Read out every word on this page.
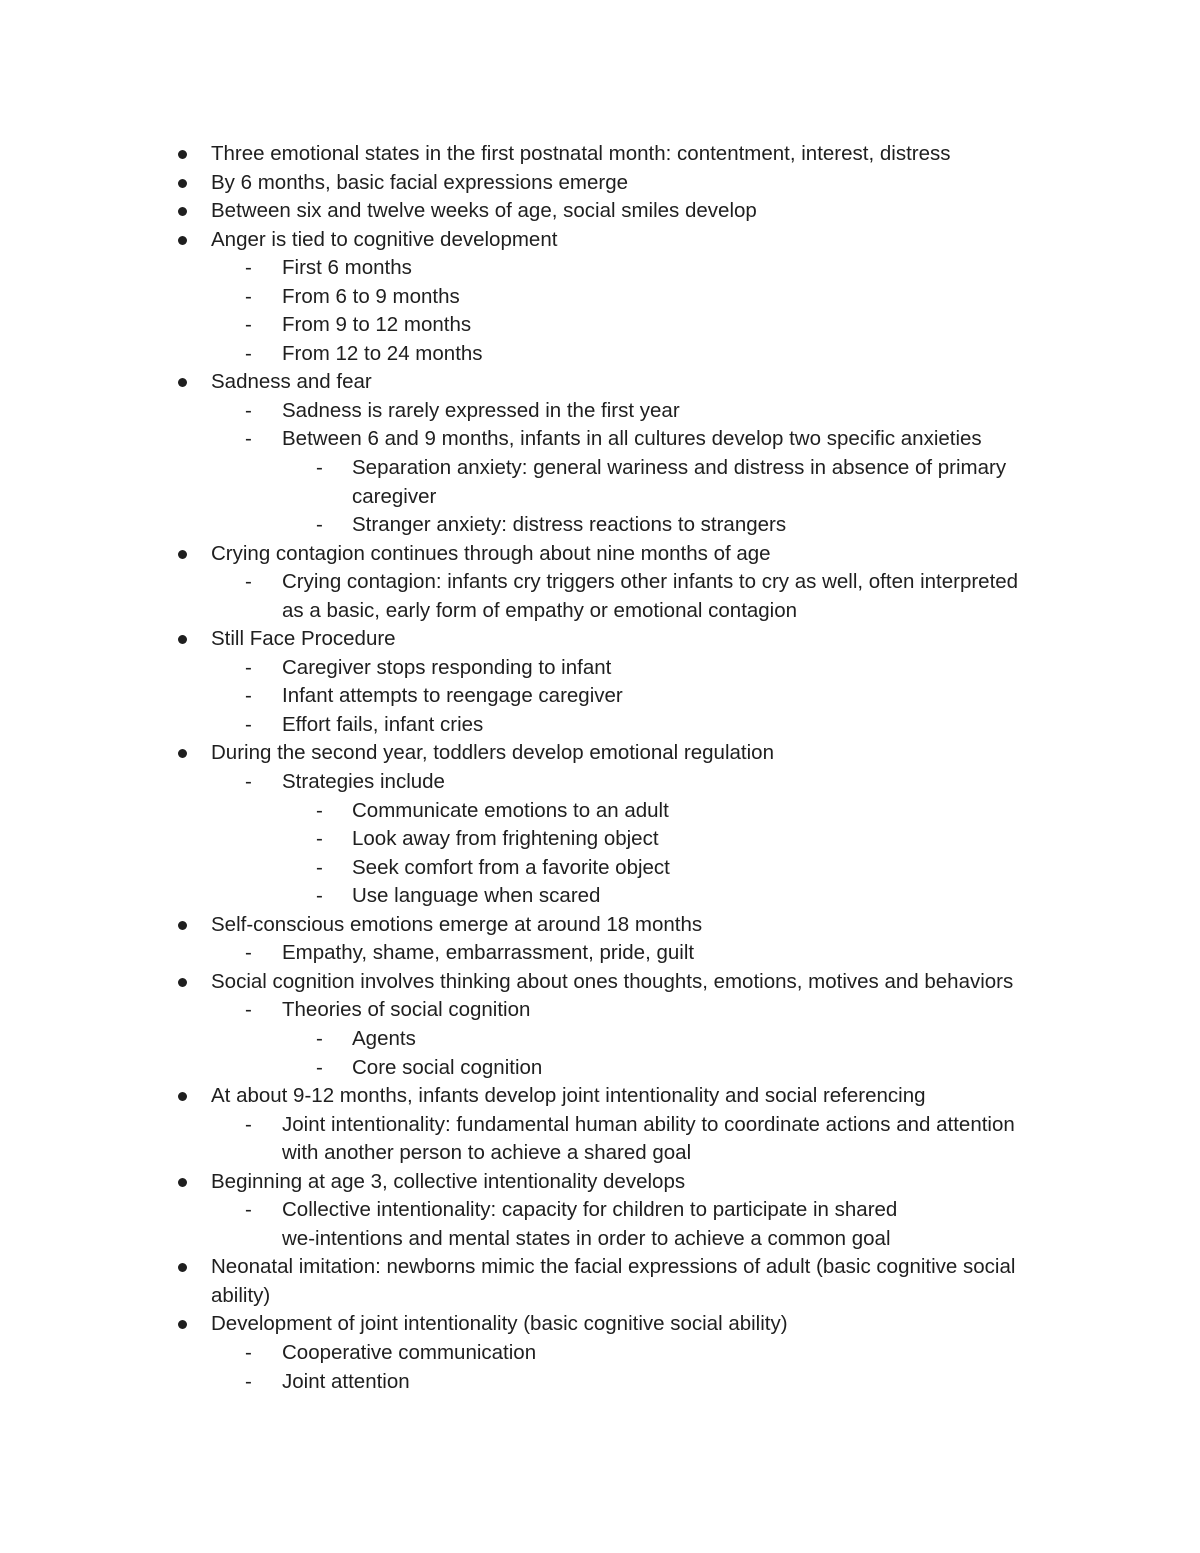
Three emotional states in the first postnatal month: contentment, interest, distress
By 6 months, basic facial expressions emerge
Between six and twelve weeks of age, social smiles develop
Anger is tied to cognitive development
- First 6 months
- From 6 to 9 months
- From 9 to 12 months
- From 12 to 24 months
Sadness and fear
- Sadness is rarely expressed in the first year
- Between 6 and 9 months, infants in all cultures develop two specific anxieties
- Separation anxiety: general wariness and distress in absence of primary
caregiver
- Stranger anxiety: distress reactions to strangers
Crying contagion continues through about nine months of age
- Crying contagion: infants cry triggers other infants to cry as well, often interpreted
as a basic, early form of empathy or emotional contagion
Still Face Procedure
- Caregiver stops responding to infant
- Infant attempts to reengage caregiver
- Effort fails, infant cries
During the second year, toddlers develop emotional regulation
- Strategies include
- Communicate emotions to an adult
- Look away from frightening object
- Seek comfort from a favorite object
- Use language when scared
Self-conscious emotions emerge at around 18 months
- Empathy, shame, embarrassment, pride, guilt
Social cognition involves thinking about ones thoughts, emotions, motives and behaviors
- Theories of social cognition
- Agents
- Core social cognition
At about 9-12 months, infants develop joint intentionality and social referencing
- Joint intentionality: fundamental human ability to coordinate actions and attention
with another person to achieve a shared goal
Beginning at age 3, collective intentionality develops
- Collective intentionality: capacity for children to participate in shared
we-intentions and mental states in order to achieve a common goal
Neonatal imitation: newborns mimic the facial expressions of adult (basic cognitive social
ability)
Development of joint intentionality (basic cognitive social ability)
- Cooperative communication
- Joint attention
